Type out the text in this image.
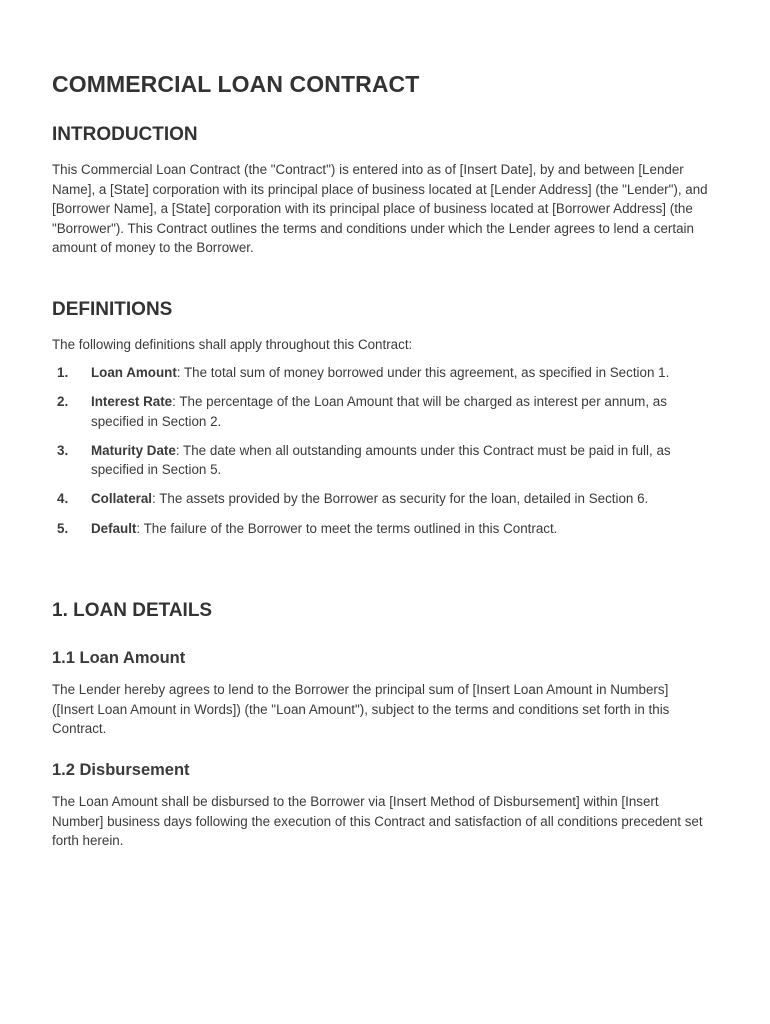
COMMERCIAL LOAN CONTRACT
INTRODUCTION

This Commercial Loan Contract (the "Contract") is entered into as of [Insert Date], by and between [Lender Name], a [State] corporation with its principal place of business located at [Lender Address] (the "Lender"), and [Borrower Name], a [State] corporation with its principal place of business located at [Borrower Address] (the "Borrower"). This Contract outlines the terms and conditions under which the Lender agrees to lend a certain amount of money to the Borrower.

DEFINITIONS

The following definitions shall apply throughout this Contract:

1. Loan Amount: The total sum of money borrowed under this agreement, as specified in Section 1.
2. Interest Rate: The percentage of the Loan Amount that will be charged as interest per annum, as specified in Section 2.
3. Maturity Date: The date when all outstanding amounts under this Contract must be paid in full, as specified in Section 5.
4. Collateral: The assets provided by the Borrower as security for the loan, detailed in Section 6.
5. Default: The failure of the Borrower to meet the terms outlined in this Contract.
1. LOAN DETAILS
1.1 Loan Amount

The Lender hereby agrees to lend to the Borrower the principal sum of [Insert Loan Amount in Numbers] ([Insert Loan Amount in Words]) (the "Loan Amount"), subject to the terms and conditions set forth in this Contract.

1.2 Disbursement

The Loan Amount shall be disbursed to the Borrower via [Insert Method of Disbursement] within [Insert Number] business days following the execution of this Contract and satisfaction of all conditions precedent set forth herein.
